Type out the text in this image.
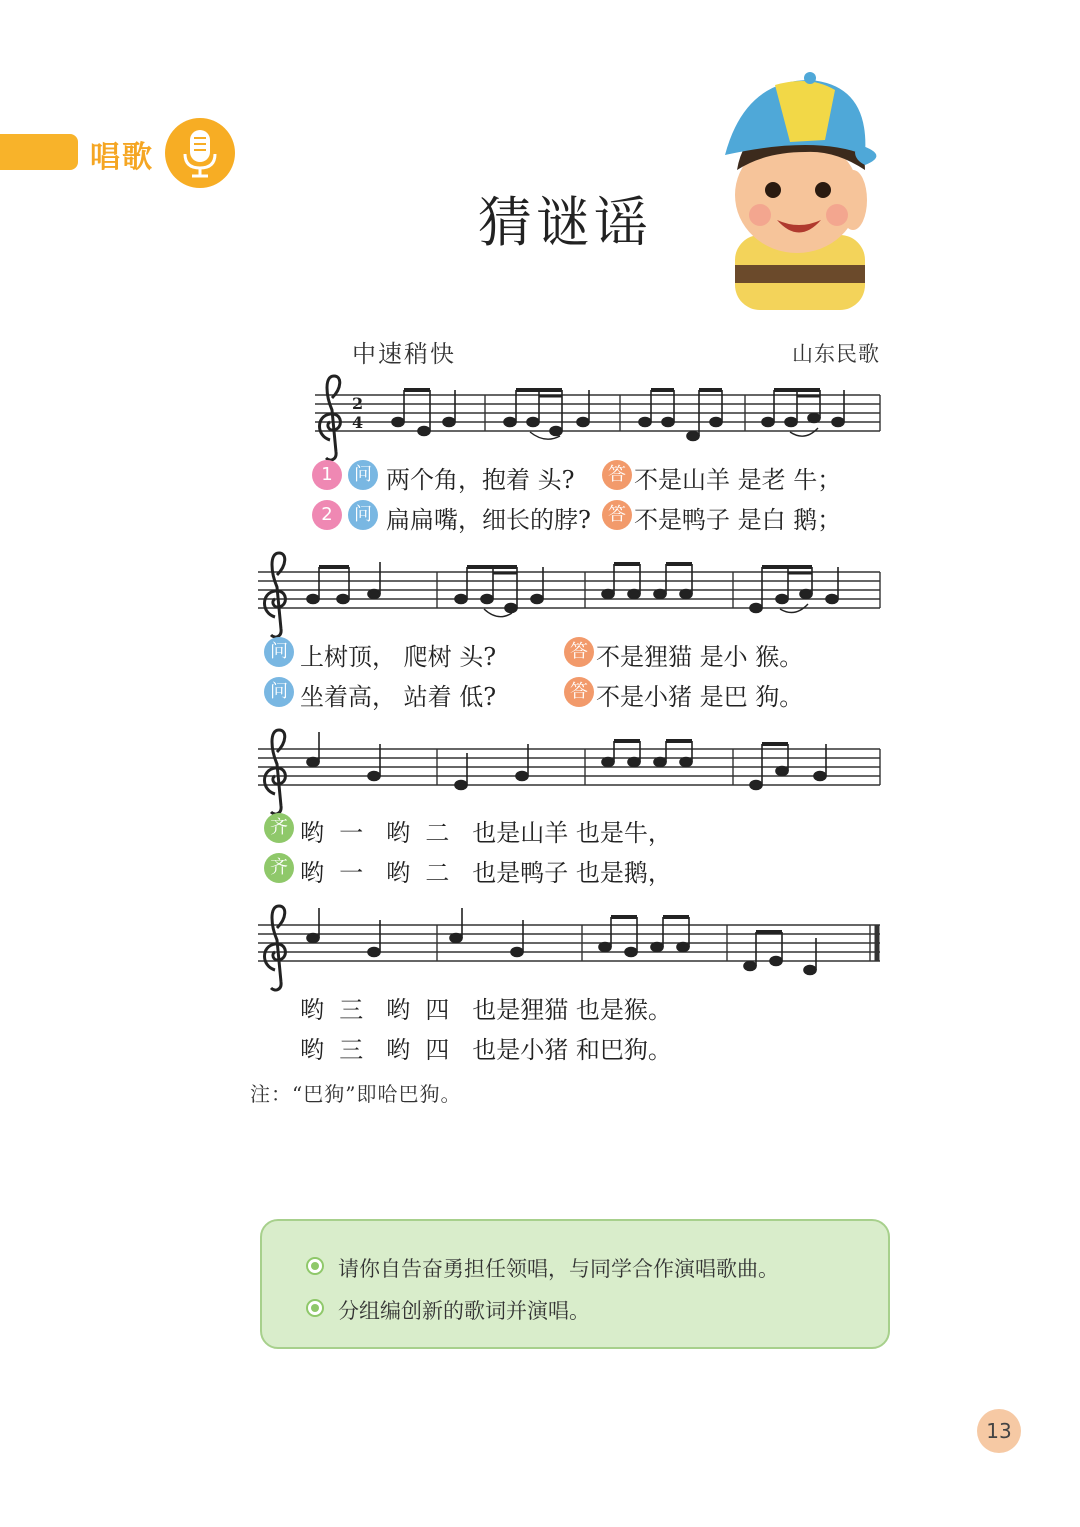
唱歌
猜谜谣
中速稍快	山东民歌
2
4
1	问 两个角，抱着 头?	答 不是山羊 是老 牛；
2	问 扁扁嘴，细长的脖? 答 不是鸭子 是白 鹅；
问 上树顶， 爬树 头?	答 不是狸猫 是小 猴。
问 坐着高， 站着 低?	答 不是小猪 是巴 狗。
齐 哟  一   哟  二   也是山羊 也是牛，
齐 哟  一   哟  二   也是鸭子 也是鹅，
哟  三   哟  四   也是狸猫 也是猴。
哟  三   哟  四   也是小猪 和巴狗。
注：“巴狗”即哈巴狗。
请你自告奋勇担任领唱，与同学合作演唱歌曲。
分组编创新的歌词并演唱。
13
